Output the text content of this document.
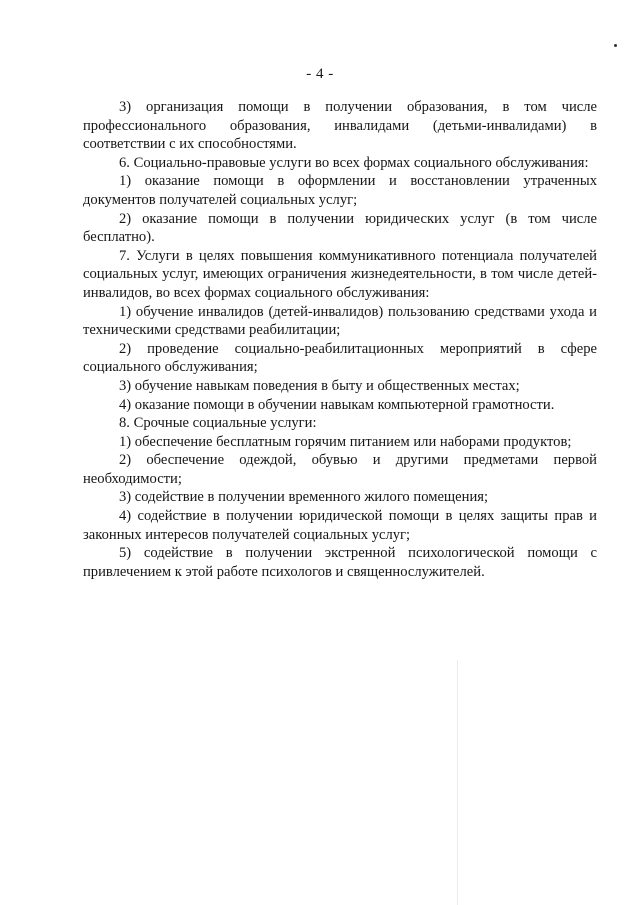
- 4 -

3) организация помощи в получении образования, в том числе профессионального образования, инвалидами (детьми-инвалидами) в соответствии с их способностями.

6. Социально-правовые услуги во всех формах социального обслуживания:

1) оказание помощи в оформлении и восстановлении утраченных документов получателей социальных услуг;

2) оказание помощи в получении юридических услуг (в том числе бесплатно).

7. Услуги в целях повышения коммуникативного потенциала получателей социальных услуг, имеющих ограничения жизнедеятельности, в том числе детей-инвалидов, во всех формах социального обслуживания:

1) обучение инвалидов (детей-инвалидов) пользованию средствами ухода и техническими средствами реабилитации;

2) проведение социально-реабилитационных мероприятий в сфере социального обслуживания;

3) обучение навыкам поведения в быту и общественных местах;

4) оказание помощи в обучении навыкам компьютерной грамотности.

8. Срочные социальные услуги:

1) обеспечение бесплатным горячим питанием или наборами продуктов;

2) обеспечение одеждой, обувью и другими предметами первой необходимости;

3) содействие в получении временного жилого помещения;

4) содействие в получении юридической помощи в целях защиты прав и законных интересов получателей социальных услуг;

5) содействие в получении экстренной психологической помощи с привлечением к этой работе психологов и священнослужителей.
